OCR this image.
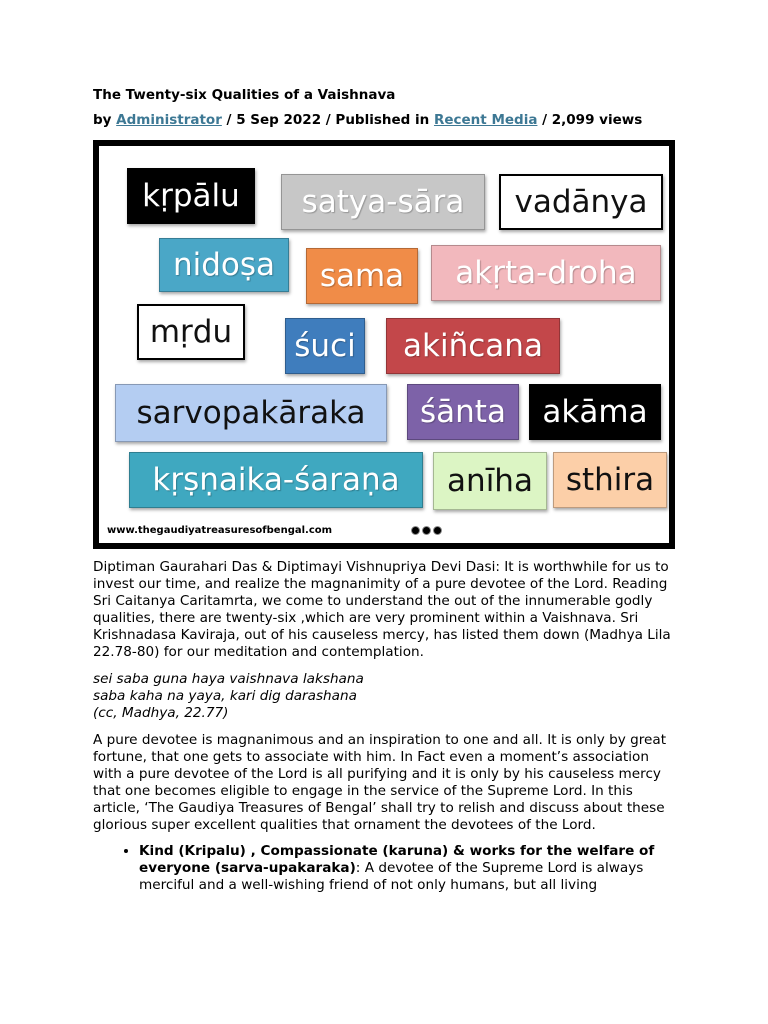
The Twenty-six Qualities of a Vaishnava
by Administrator / 5 Sep 2022 / Published in Recent Media / 2,099 views
kṛpālu	satya-sāra	vadānya
nidoṣa	sama	akṛta-droha
mṛdu	śuci	akiñcana
sarvopakāraka	śānta	akāma
kṛṣṇaika-śaraṇa	anīha	sthira
www.thegaudiyatreasuresofbengal.com

Diptiman Gaurahari Das & Diptimayi Vishnupriya Devi Dasi: It is worthwhile for us to invest our time, and realize the magnanimity of a pure devotee of the Lord. Reading Sri Caitanya Caritamrta, we come to understand the out of the innumerable godly qualities, there are twenty-six ,which are very prominent within a Vaishnava. Sri Krishnadasa Kaviraja, out of his causeless mercy, has listed them down (Madhya Lila 22.78-80) for our meditation and contemplation.

sei saba guna haya vaishnava lakshana
saba kaha na yaya, kari dig darashana
(cc, Madhya, 22.77)

A pure devotee is magnanimous and an inspiration to one and all. It is only by great fortune, that one gets to associate with him. In Fact even a moment’s association with a pure devotee of the Lord is all purifying and it is only by his causeless mercy that one becomes eligible to engage in the service of the Supreme Lord. In this article, ‘The Gaudiya Treasures of Bengal’ shall try to relish and discuss about these glorious super excellent qualities that ornament the devotees of the Lord.

• Kind (Kripalu) , Compassionate (karuna) & works for the welfare of everyone (sarva-upakaraka): A devotee of the Supreme Lord is always merciful and a well-wishing friend of not only humans, but all living
